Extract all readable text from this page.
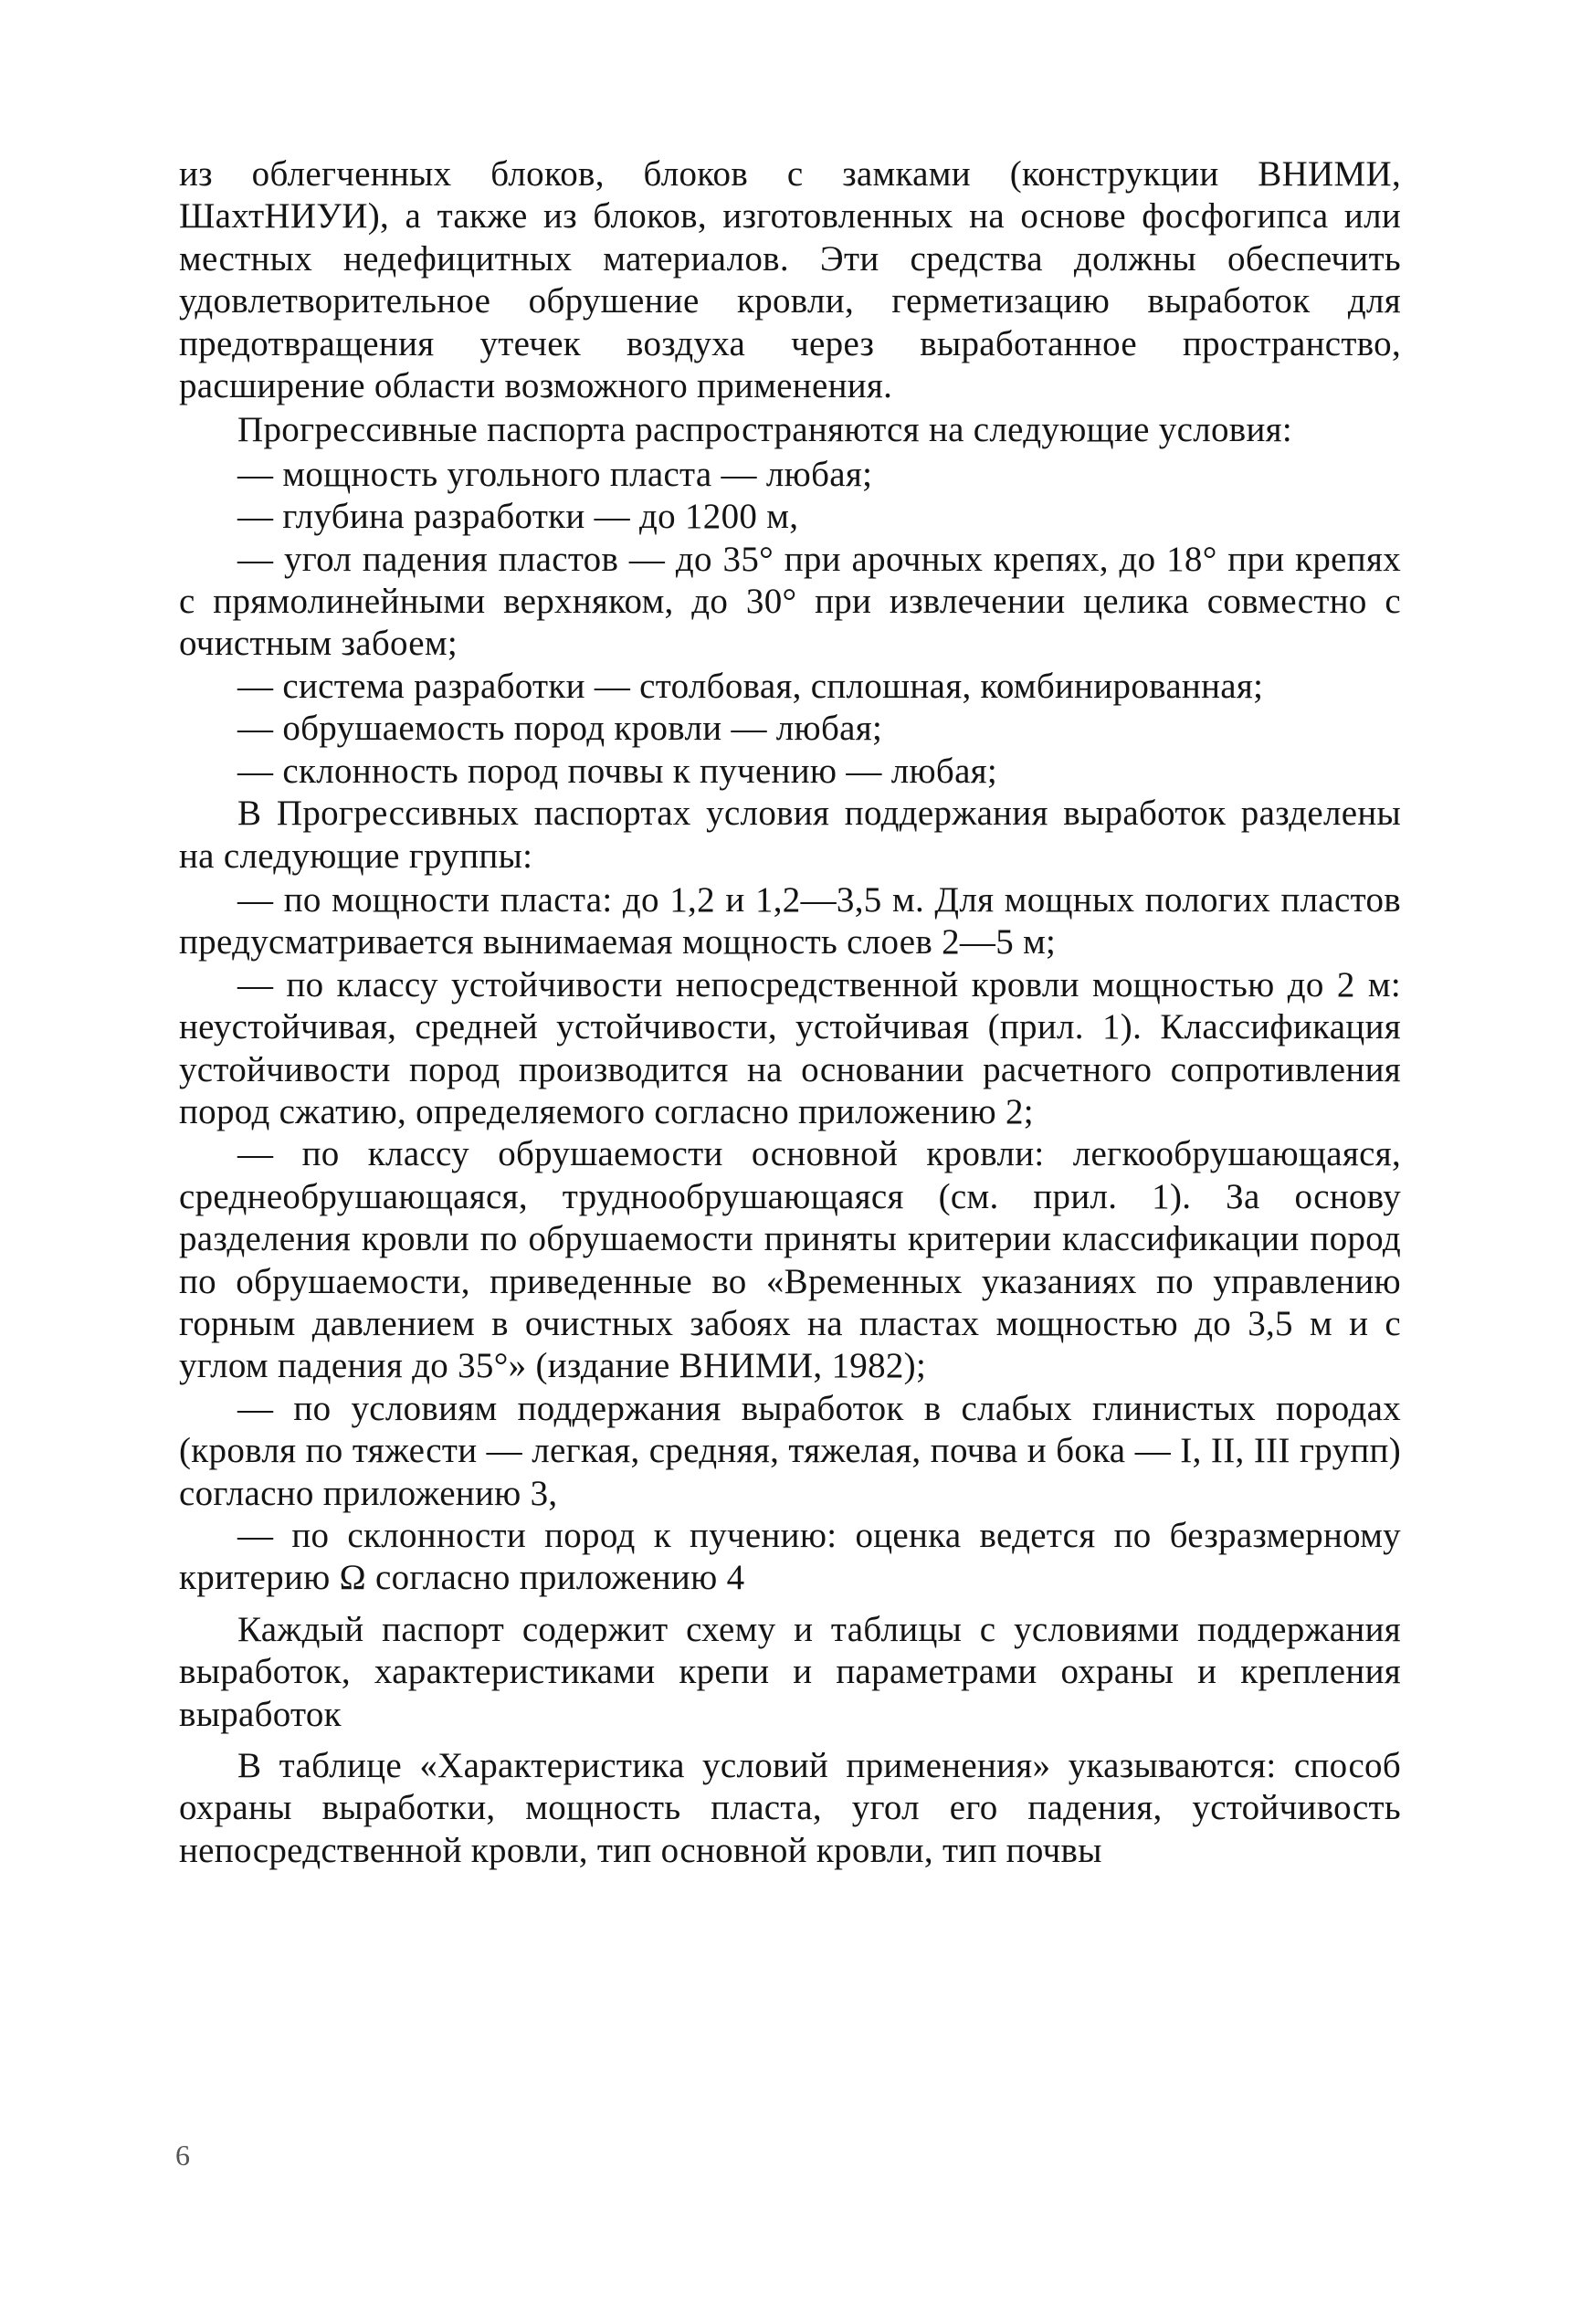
из облегченных блоков, блоков с замками (конструкции ВНИМИ, ШахтНИУИ), а также из блоков, изготовленных на основе фосфогипса или местных недефицитных материалов. Эти средства должны обеспечить удовлетворительное обрушение кровли, герметизацию выработок для предотвращения утечек воздуха через выработанное пространство, расширение области возможного применения.

Прогрессивные паспорта распространяются на следующие условия:

— мощность угольного пласта — любая;

— глубина разработки — до 1200 м,

— угол падения пластов — до 35° при арочных крепях, до 18° при крепях с прямолинейными верхняком, до 30° при извлечении целика совместно с очистным забоем;

— система разработки — столбовая, сплошная, комбинированная;

— обрушаемость пород кровли — любая;

— склонность пород почвы к пучению — любая;

В Прогрессивных паспортах условия поддержания выработок разделены на следующие группы:

— по мощности пласта: до 1,2 и 1,2—3,5 м. Для мощных пологих пластов предусматривается вынимаемая мощность слоев 2—5 м;

— по классу устойчивости непосредственной кровли мощностью до 2 м: неустойчивая, средней устойчивости, устойчивая (прил. 1). Классификация устойчивости пород производится на основании расчетного сопротивления пород сжатию, определяемого согласно приложению 2;

— по классу обрушаемости основной кровли: легкообрушающаяся, среднеобрушающаяся, труднообрушающаяся (см. прил. 1). За основу разделения кровли по обрушаемости приняты критерии классификации пород по обрушаемости, приведенные во «Временных указаниях по управлению горным давлением в очистных забоях на пластах мощностью до 3,5 м и с углом падения до 35°» (издание ВНИМИ, 1982);

— по условиям поддержания выработок в слабых глинистых породах (кровля по тяжести — легкая, средняя, тяжелая, почва и бока — I, II, III групп) согласно приложению 3,

— по склонности пород к пучению: оценка ведется по безразмерному критерию Ω согласно приложению 4

Каждый паспорт содержит схему и таблицы с условиями поддержания выработок, характеристиками крепи и параметрами охраны и крепления выработок

В таблице «Характеристика условий применения» указываются: способ охраны выработки, мощность пласта, угол его падения, устойчивость непосредственной кровли, тип основной кровли, тип почвы

6
